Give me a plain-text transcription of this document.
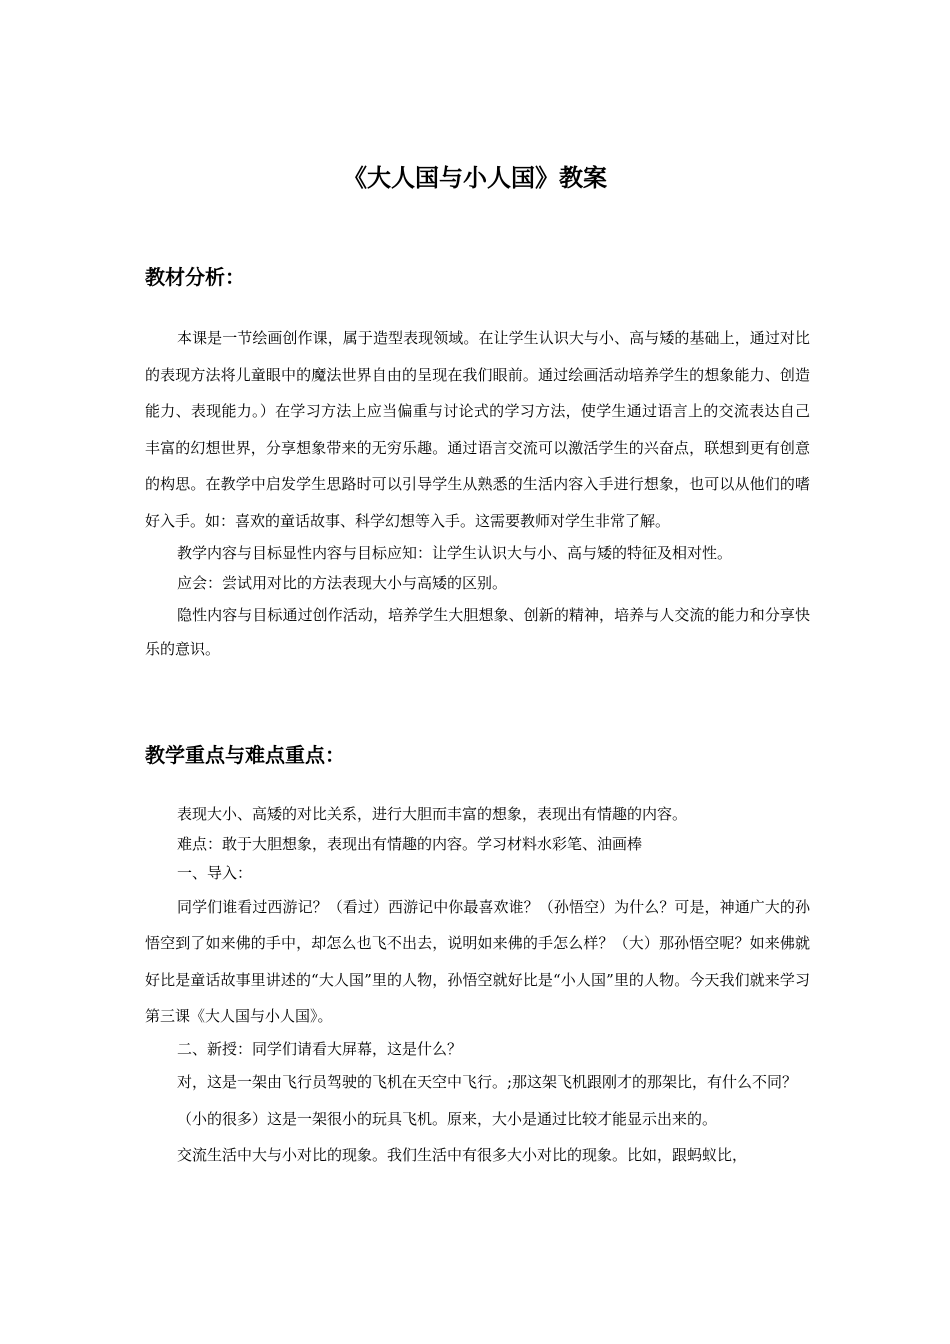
《大人国与小人国》教案
教材分析：

本课是一节绘画创作课，属于造型表现领域。在让学生认识大与小、高与矮的基础上，通过对比的表现方法将儿童眼中的魔法世界自由的呈现在我们眼前。通过绘画活动培养学生的想象能力、创造能力、表现能力。）在学习方法上应当偏重与讨论式的学习方法，使学生通过语言上的交流表达自己丰富的幻想世界，分享想象带来的无穷乐趣。通过语言交流可以激活学生的兴奋点，联想到更有创意的构思。在教学中启发学生思路时可以引导学生从熟悉的生活内容入手进行想象，也可以从他们的嗜好入手。如：喜欢的童话故事、科学幻想等入手。这需要教师对学生非常了解。

教学内容与目标显性内容与目标应知：让学生认识大与小、高与矮的特征及相对性。

应会：尝试用对比的方法表现大小与高矮的区别。

隐性内容与目标通过创作活动，培养学生大胆想象、创新的精神，培养与人交流的能力和分享快乐的意识。

教学重点与难点重点：

表现大小、高矮的对比关系，进行大胆而丰富的想象，表现出有情趣的内容。

难点：敢于大胆想象，表现出有情趣的内容。学习材料水彩笔、油画棒

一、导入：

同学们谁看过西游记？（看过）西游记中你最喜欢谁？（孙悟空）为什么？可是，神通广大的孙悟空到了如来佛的手中，却怎么也飞不出去，说明如来佛的手怎么样？（大）那孙悟空呢？如来佛就好比是童话故事里讲述的“大人国”里的人物，孙悟空就好比是“小人国”里的人物。今天我们就来学习第三课《大人国与小人国》。

二、新授：同学们请看大屏幕，这是什么？

对，这是一架由飞行员驾驶的飞机在天空中飞行。;那这架飞机跟刚才的那架比，有什么不同？

（小的很多）这是一架很小的玩具飞机。原来，大小是通过比较才能显示出来的。

交流生活中大与小对比的现象。我们生活中有很多大小对比的现象。比如，跟蚂蚁比，
